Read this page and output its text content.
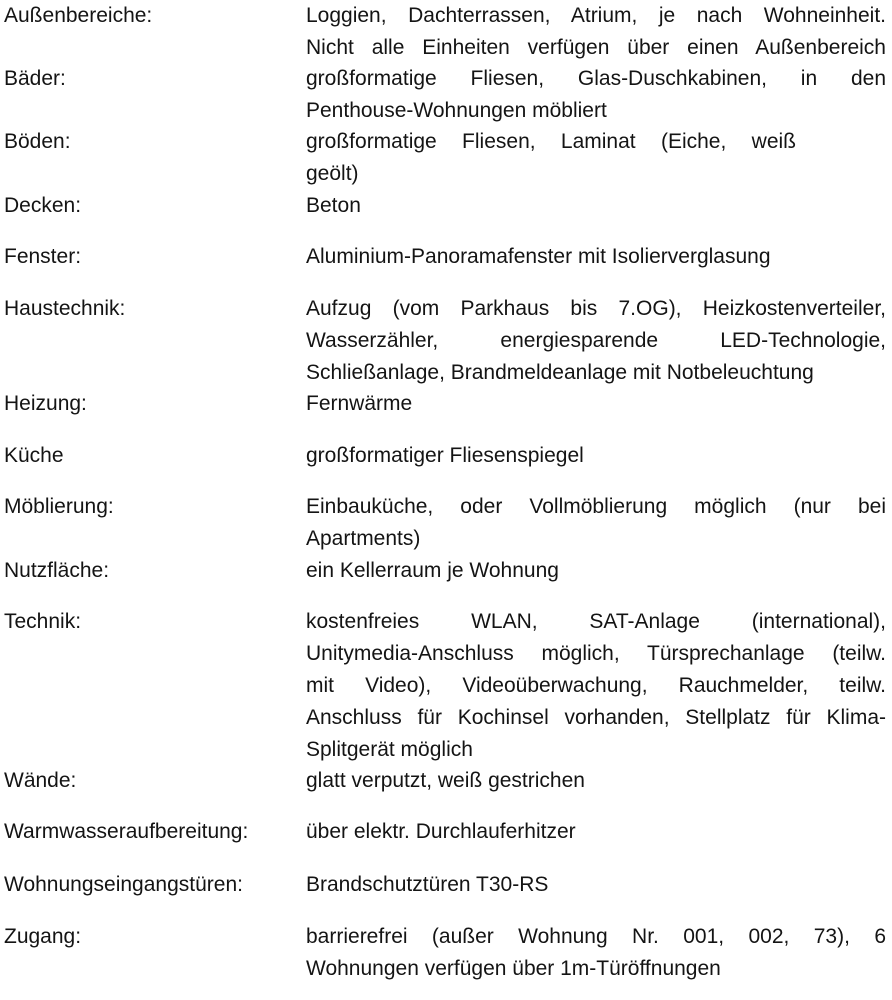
Außenbereiche:	Loggien, Dachterrassen, Atrium, je nach Wohneinheit.
Nicht alle Einheiten verfügen über einen Außenbereich
Bäder:	großformatige Fliesen, Glas-Duschkabinen, in den
Penthouse-Wohnungen möbliert
Böden:	großformatige Fliesen, Laminat (Eiche, weiß
geölt)
Decken:	Beton
Fenster:	Aluminium-Panoramafenster mit Isolierverglasung
Haustechnik:	Aufzug (vom Parkhaus bis 7.OG), Heizkostenverteiler,
Wasserzähler, energiesparende LED-Technologie,
Schließanlage, Brandmeldeanlage mit Notbeleuchtung
Heizung:	Fernwärme
Küche	großformatiger Fliesenspiegel
Möblierung:	Einbauküche, oder Vollmöblierung möglich (nur bei
Apartments)
Nutzfläche:	ein Kellerraum je Wohnung
Technik:	kostenfreies WLAN, SAT-Anlage (international),
Unitymedia-Anschluss möglich, Türsprechanlage (teilw.
mit Video), Videoüberwachung, Rauchmelder, teilw.
Anschluss für Kochinsel vorhanden, Stellplatz für Klima-
Splitgerät möglich
Wände:	glatt verputzt, weiß gestrichen
Warmwasseraufbereitung:	über elektr. Durchlauferhitzer
Wohnungseingangstüren:	Brandschutztüren T30-RS
Zugang:	barrierefrei (außer Wohnung Nr. 001, 002, 73), 6
Wohnungen verfügen über 1m-Türöffnungen
